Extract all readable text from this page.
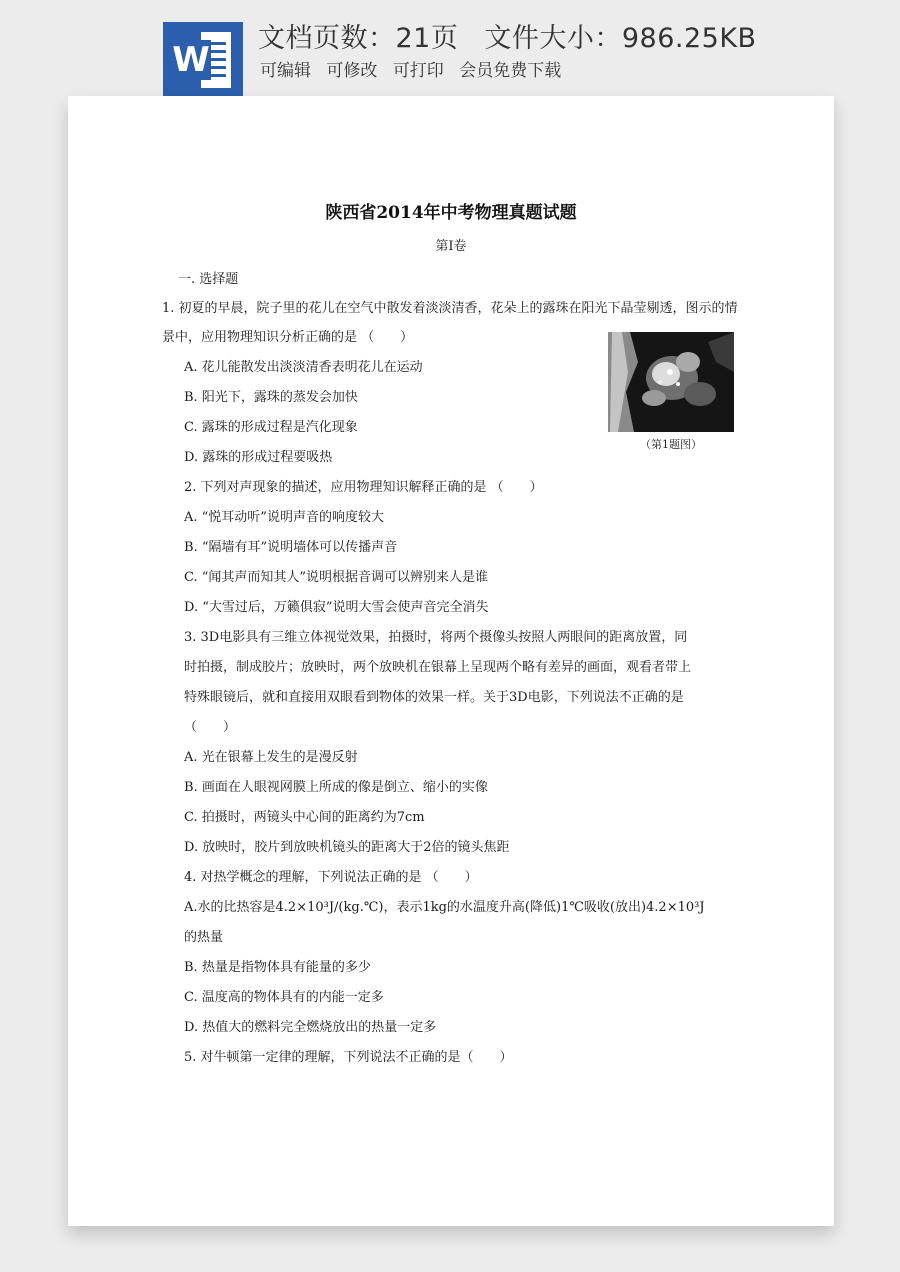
W
文档页数：21页 文件大小：986.25KB
可编辑 可修改 可打印 会员免费下载
陕西省2014年中考物理真题试题
第Ⅰ卷
一. 选择题
1. 初夏的早晨，院子里的花儿在空气中散发着淡淡清香，花朵上的露珠在阳光下晶莹剔透，图示的情
景中，应用物理知识分析正确的是 （　　）
A. 花儿能散发出淡淡清香表明花儿在运动
B. 阳光下，露珠的蒸发会加快
C. 露珠的形成过程是汽化现象
D. 露珠的形成过程要吸热
（第1题图）
2. 下列对声现象的描述，应用物理知识解释正确的是 （　　）
A. “悦耳动听”说明声音的响度较大
B. “隔墙有耳”说明墙体可以传播声音
C. “闻其声而知其人”说明根据音调可以辨别来人是谁
D. “大雪过后，万籁俱寂”说明大雪会使声音完全消失
3. 3D电影具有三维立体视觉效果，拍摄时，将两个摄像头按照人两眼间的距离放置，同
时拍摄，制成胶片；放映时，两个放映机在银幕上呈现两个略有差异的画面，观看者带上
特殊眼镜后，就和直接用双眼看到物体的效果一样。关于3D电影，下列说法不正确的是
（　　）
A. 光在银幕上发生的是漫反射
B. 画面在人眼视网膜上所成的像是倒立、缩小的实像
C. 拍摄时，两镜头中心间的距离约为7cm
D. 放映时，胶片到放映机镜头的距离大于2倍的镜头焦距
4. 对热学概念的理解，下列说法正确的是 （　　）
A.水的比热容是4.2×10³J/(kg.℃)，表示1kg的水温度升高(降低)1℃吸收(放出)4.2×10³J
的热量
B. 热量是指物体具有能量的多少
C. 温度高的物体具有的内能一定多
D. 热值大的燃料完全燃烧放出的热量一定多
5. 对牛顿第一定律的理解，下列说法不正确的是（　　）
